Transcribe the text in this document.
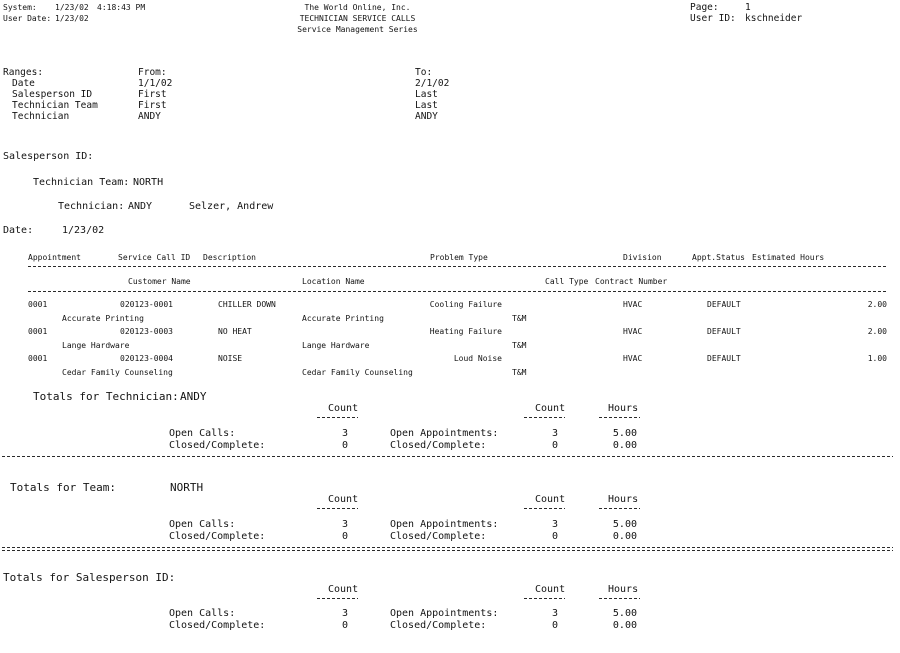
System: 1/23/02 4:18:43 PM
User Date: 1/23/02
The World Online, Inc.
TECHNICIAN SERVICE CALLS
Service Management Series
Page:	1
User ID: kschneider
Ranges:	From:	To:
Date	1/1/02	2/1/02
Salesperson ID	First	Last
Technician Team	First	Last
Technician	ANDY	ANDY
Salesperson ID:
Technician Team: NORTH
Technician: ANDY	Selzer, Andrew
Date:	1/23/02
Appointment	Service Call ID Description	Problem Type	Division	Appt.Status Estimated Hours
Customer Name	Location Name	Call Type Contract Number
0001	020123-0001	CHILLER DOWN	Cooling Failure	HVAC	DEFAULT	2.00
Accurate Printing	Accurate Printing	T&M
0001	020123-0003	NO HEAT	Heating Failure	HVAC	DEFAULT	2.00
Lange Hardware	Lange Hardware	T&M
0001	020123-0004	NOISE	Loud Noise	HVAC	DEFAULT	1.00
Cedar Family Counseling	Cedar Family Counseling	T&M
Totals for Technician: ANDY
Count	Count	Hours
Open Calls:	3	Open Appointments:	3	5.00
Closed/Complete:	0	Closed/Complete:	0	0.00
Totals for Team:	NORTH
Count	Count	Hours
Open Calls:	3	Open Appointments:	3	5.00
Closed/Complete:	0	Closed/Complete:	0	0.00
Totals for Salesperson ID:
Count	Count	Hours
Open Calls:	3	Open Appointments:	3	5.00
Closed/Complete:	0	Closed/Complete:	0	0.00
